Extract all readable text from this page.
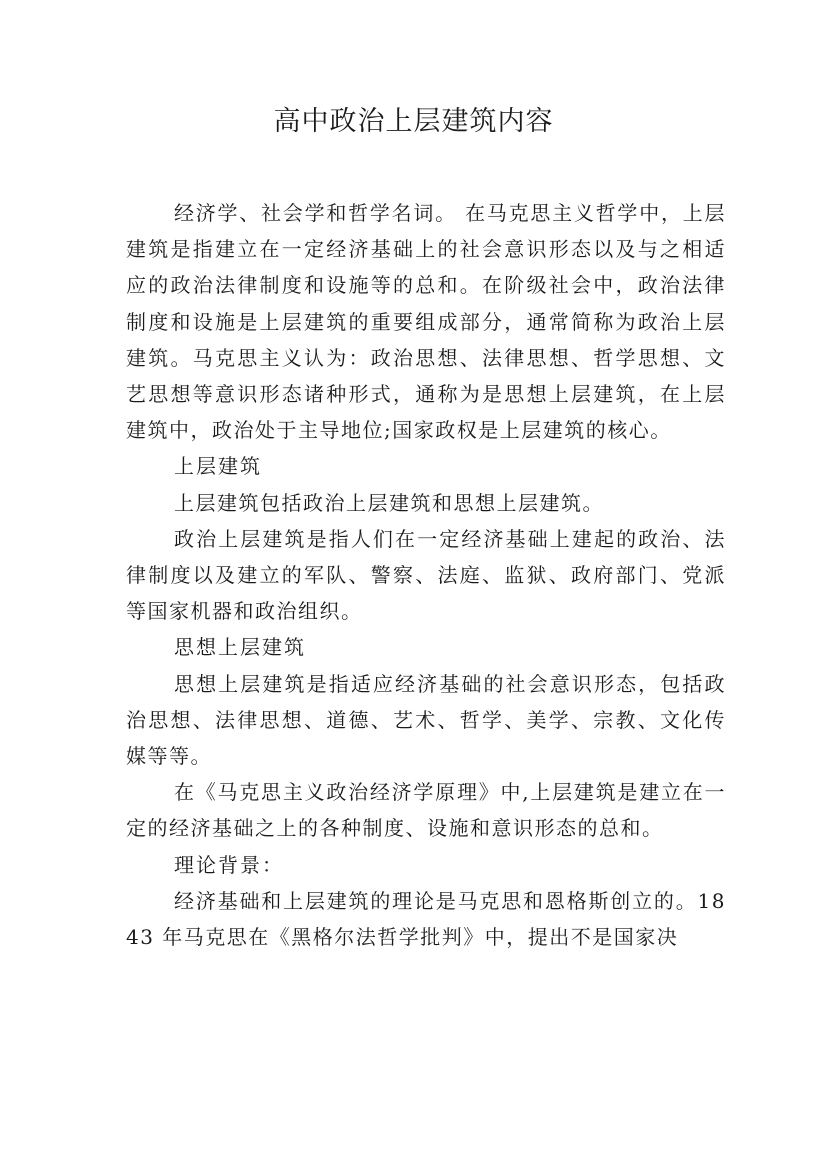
高中政治上层建筑内容

经济学、社会学和哲学名词。 在马克思主义哲学中，上层建筑是指建立在一定经济基础上的社会意识形态以及与之相适应的政治法律制度和设施等的总和。在阶级社会中，政治法律制度和设施是上层建筑的重要组成部分，通常简称为政治上层建筑。马克思主义认为：政治思想、法律思想、哲学思想、文艺思想等意识形态诸种形式，通称为是思想上层建筑，在上层建筑中，政治处于主导地位;国家政权是上层建筑的核心。

上层建筑

上层建筑包括政治上层建筑和思想上层建筑。

政治上层建筑是指人们在一定经济基础上建起的政治、法律制度以及建立的军队、警察、法庭、监狱、政府部门、党派等国家机器和政治组织。

思想上层建筑

思想上层建筑是指适应经济基础的社会意识形态，包括政治思想、法律思想、道德、艺术、哲学、美学、宗教、文化传媒等等。

在《马克思主义政治经济学原理》中,上层建筑是建立在一定的经济基础之上的各种制度、设施和意识形态的总和。

理论背景：

经济基础和上层建筑的理论是马克思和恩格斯创立的。1843 年马克思在《黑格尔法哲学批判》中，提出不是国家决
